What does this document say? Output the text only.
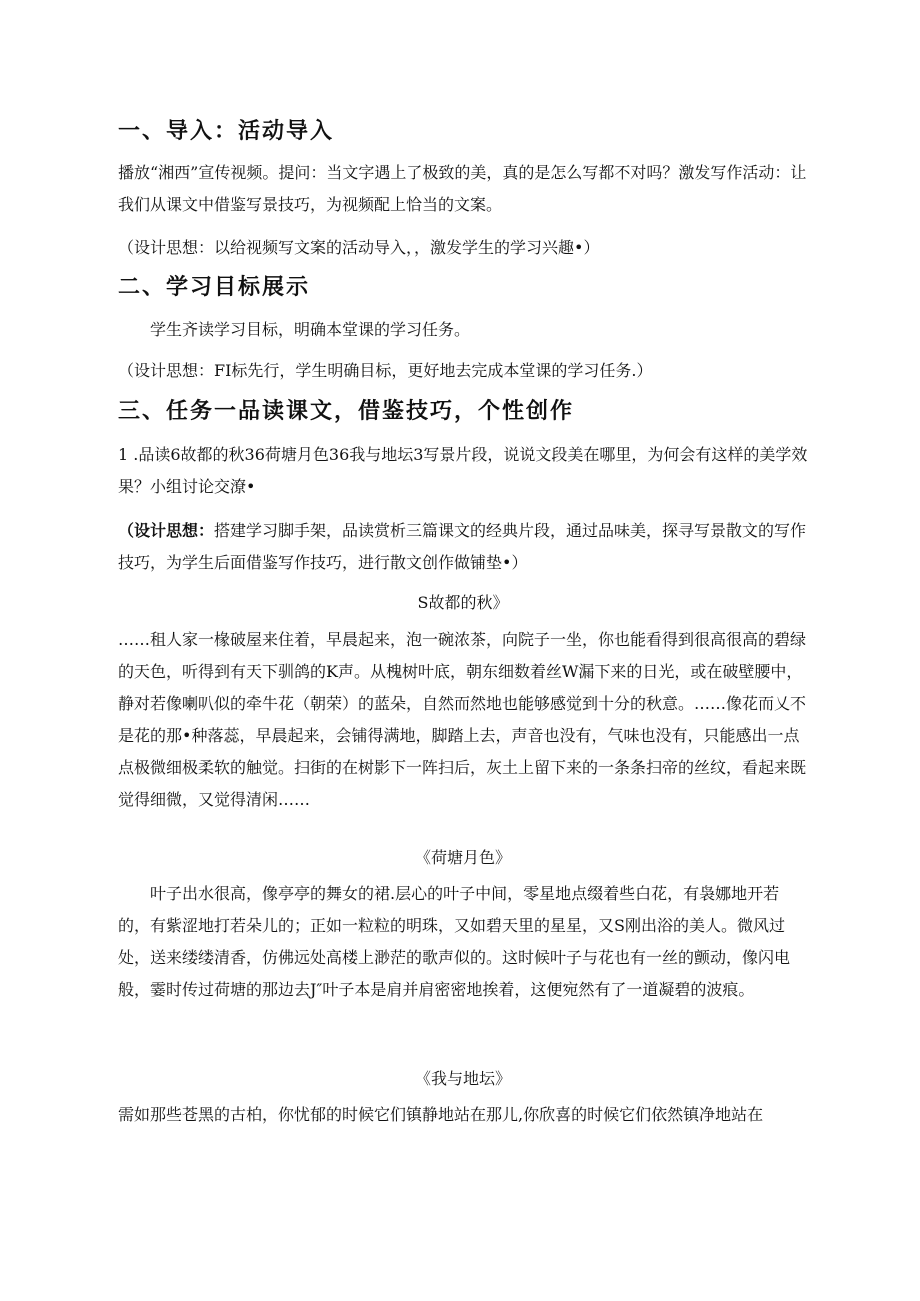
一、导入：活动导入

播放“湘西”宣传视频。提问：当文字遇上了极致的美，真的是怎么写都不对吗？激发写作活动：让我们从课文中借鉴写景技巧，为视频配上恰当的文案。

（设计思想：以给视频写文案的活动导入，，激发学生的学习兴趣•）

二、学习目标展示

学生齐读学习目标，明确本堂课的学习任务。

（设计思想：FI标先行，学生明确目标，更好地去完成本堂课的学习任务.）

三、任务一品读课文，借鉴技巧，个性创作

1 .品读6故都的秋36荷塘月色36我与地坛3写景片段，说说文段美在哪里，为何会有这样的美学效果？小组讨论交潦•

（设计思想：搭建学习脚手架，品读赏析三篇课文的经典片段，通过品味美，探寻写景散文的写作技巧，为学生后面借鉴写作技巧，进行散文创作做铺垫•）

S故都的秋》

……租人家一椽破屋来住着，早晨起来，泡一碗浓茶，向院子一坐，你也能看得到很高很高的碧绿的天色，听得到有天下驯鸽的K声。从槐树叶底，朝东细数着丝W漏下来的日光，或在破壁腰中，静对若像喇叭似的牵牛花（朝荣）的蓝朵，自然而然地也能够感觉到十分的秋意。……像花而乂不是花的那•种落蕊，早晨起来，会铺得满地，脚踏上去，声音也没有，气味也没有，只能感出一点点极微细极柔软的触觉。扫街的在树影下一阵扫后，灰土上留下来的一条条扫帝的丝纹，看起来既觉得细微，又觉得清闲……

《荷塘月色》

叶子出水很高，像亭亭的舞女的裙.层心的叶子中间，零星地点缀着些白花，有袅娜地开若的，有紫涩地打若朵儿的；正如一粒粒的明珠，又如碧天里的星星，又S刚出浴的美人。微风过处，送来缕缕清香，仿佛远处高楼上渺茫的歌声似的。这时候叶子与花也有一丝的颤动，像闪电般，霎时传过荷塘的那边去J″叶子本是肩并肩密密地挨着，这便宛然有了一道凝碧的波痕。

《我与地坛》

需如那些苍黑的古柏，你忧郁的时候它们镇静地站在那儿,你欣喜的时候它们依然镇净地站在
